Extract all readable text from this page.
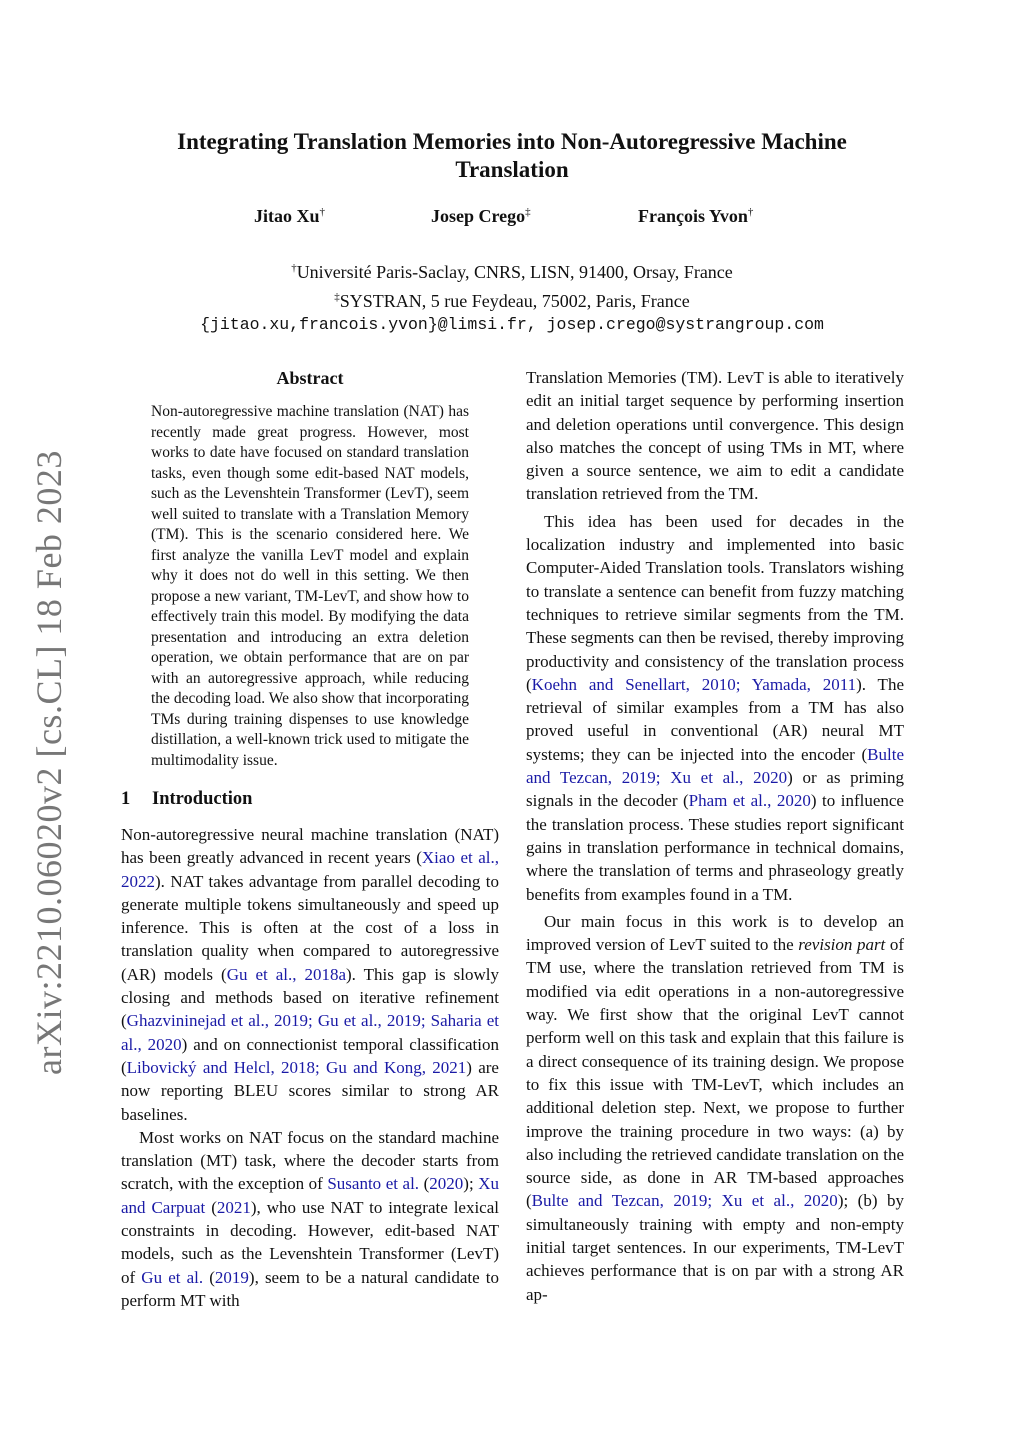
arXiv:2210.06020v2 [cs.CL] 18 Feb 2023
Integrating Translation Memories into Non-Autoregressive Machine Translation
Jitao Xu†	Josep Crego‡	François Yvon†
†Université Paris-Saclay, CNRS, LISN, 91400, Orsay, France
‡SYSTRAN, 5 rue Feydeau, 75002, Paris, France
{jitao.xu,francois.yvon}@limsi.fr, josep.crego@systrangroup.com
Abstract
Non-autoregressive machine translation (NAT) has recently made great progress. However, most works to date have focused on standard translation tasks, even though some edit-based NAT models, such as the Levenshtein Transformer (LevT), seem well suited to translate with a Translation Memory (TM). This is the scenario considered here. We first analyze the vanilla LevT model and explain why it does not do well in this setting. We then propose a new variant, TM-LevT, and show how to effectively train this model. By modifying the data presentation and introducing an extra deletion operation, we obtain performance that are on par with an autoregressive approach, while reducing the decoding load. We also show that incorporating TMs during training dispenses to use knowledge distillation, a well-known trick used to mitigate the multimodality issue.
1 Introduction

Non-autoregressive neural machine translation (NAT) has been greatly advanced in recent years (Xiao et al., 2022). NAT takes advantage from parallel decoding to generate multiple tokens simultaneously and speed up inference. This is often at the cost of a loss in translation quality when compared to autoregressive (AR) models (Gu et al., 2018a). This gap is slowly closing and methods based on iterative refinement (Ghazvininejad et al., 2019; Gu et al., 2019; Saharia et al., 2020) and on connectionist temporal classification (Libovický and Helcl, 2018; Gu and Kong, 2021) are now reporting BLEU scores similar to strong AR baselines.

Most works on NAT focus on the standard machine translation (MT) task, where the decoder starts from scratch, with the exception of Susanto et al. (2020); Xu and Carpuat (2021), who use NAT to integrate lexical constraints in decoding. However, edit-based NAT models, such as the Levenshtein Transformer (LevT) of Gu et al. (2019), seem to be a natural candidate to perform MT with

Translation Memories (TM). LevT is able to iteratively edit an initial target sequence by performing insertion and deletion operations until convergence. This design also matches the concept of using TMs in MT, where given a source sentence, we aim to edit a candidate translation retrieved from the TM.

This idea has been used for decades in the localization industry and implemented into basic Computer-Aided Translation tools. Translators wishing to translate a sentence can benefit from fuzzy matching techniques to retrieve similar segments from the TM. These segments can then be revised, thereby improving productivity and consistency of the translation process (Koehn and Senellart, 2010; Yamada, 2011). The retrieval of similar examples from a TM has also proved useful in conventional (AR) neural MT systems; they can be injected into the encoder (Bulte and Tezcan, 2019; Xu et al., 2020) or as priming signals in the decoder (Pham et al., 2020) to influence the translation process. These studies report significant gains in translation performance in technical domains, where the translation of terms and phraseology greatly benefits from examples found in a TM.

Our main focus in this work is to develop an improved version of LevT suited to the revision part of TM use, where the translation retrieved from TM is modified via edit operations in a non-autoregressive way. We first show that the original LevT cannot perform well on this task and explain that this failure is a direct consequence of its training design. We propose to fix this issue with TM-LevT, which includes an additional deletion step. Next, we propose to further improve the training procedure in two ways: (a) by also including the retrieved candidate translation on the source side, as done in AR TM-based approaches (Bulte and Tezcan, 2019; Xu et al., 2020); (b) by simultaneously training with empty and non-empty initial target sentences. In our experiments, TM-LevT achieves performance that is on par with a strong AR ap-
